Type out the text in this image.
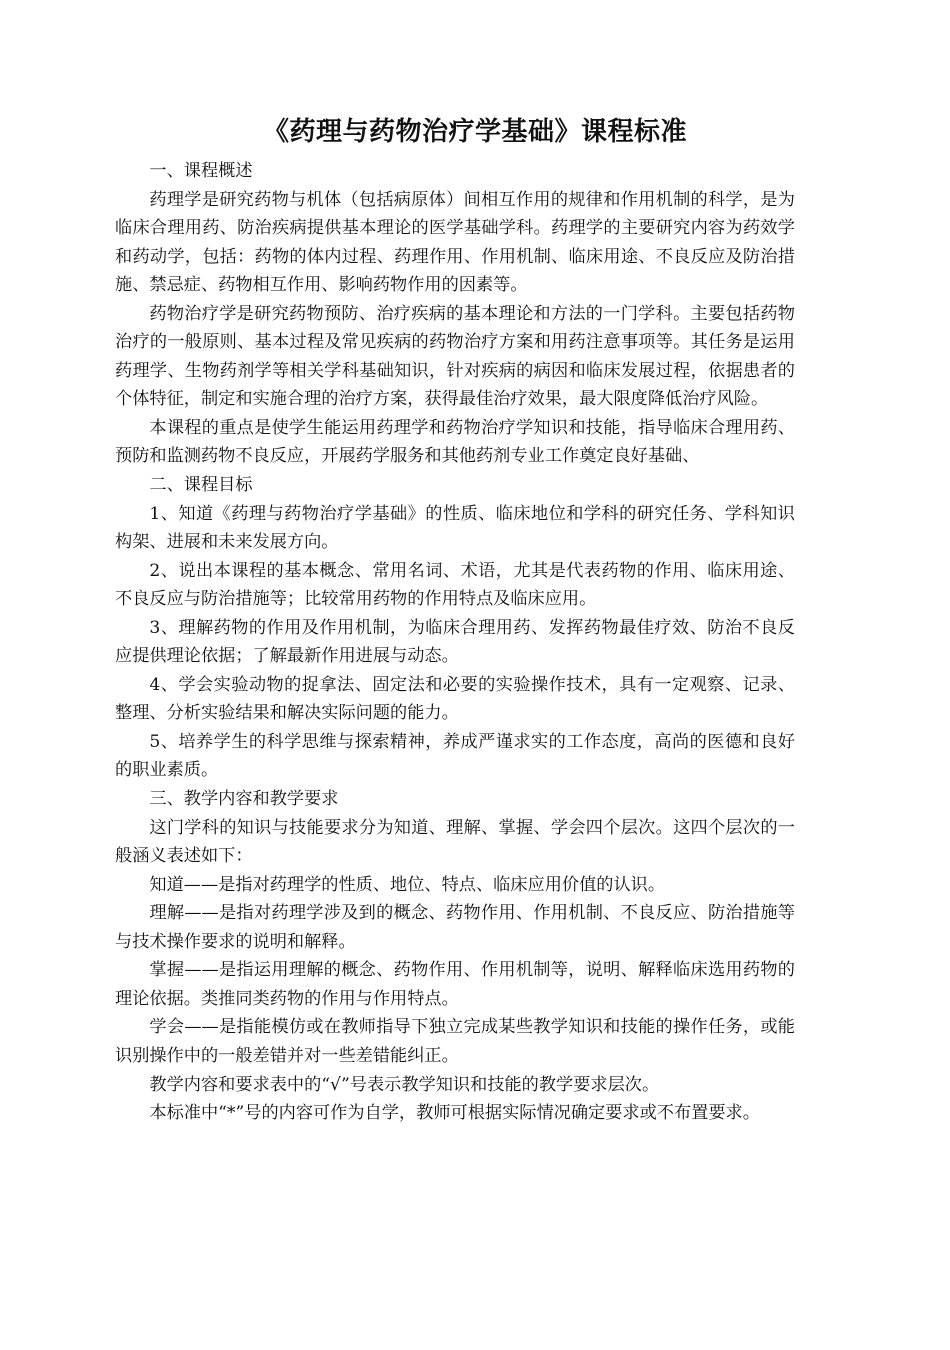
《药理与药物治疗学基础》课程标准

一、课程概述

药理学是研究药物与机体（包括病原体）间相互作用的规律和作用机制的科学，是为临床合理用药、防治疾病提供基本理论的医学基础学科。药理学的主要研究内容为药效学和药动学，包括：药物的体内过程、药理作用、作用机制、临床用途、不良反应及防治措施、禁忌症、药物相互作用、影响药物作用的因素等。

药物治疗学是研究药物预防、治疗疾病的基本理论和方法的一门学科。主要包括药物治疗的一般原则、基本过程及常见疾病的药物治疗方案和用药注意事项等。其任务是运用药理学、生物药剂学等相关学科基础知识，针对疾病的病因和临床发展过程，依据患者的个体特征，制定和实施合理的治疗方案，获得最佳治疗效果，最大限度降低治疗风险。

本课程的重点是使学生能运用药理学和药物治疗学知识和技能，指导临床合理用药、预防和监测药物不良反应，开展药学服务和其他药剂专业工作奠定良好基础、

二、课程目标

1、知道《药理与药物治疗学基础》的性质、临床地位和学科的研究任务、学科知识构架、进展和未来发展方向。

2、说出本课程的基本概念、常用名词、术语，尤其是代表药物的作用、临床用途、不良反应与防治措施等；比较常用药物的作用特点及临床应用。

3、理解药物的作用及作用机制，为临床合理用药、发挥药物最佳疗效、防治不良反应提供理论依据；了解最新作用进展与动态。

4、学会实验动物的捉拿法、固定法和必要的实验操作技术，具有一定观察、记录、整理、分析实验结果和解决实际问题的能力。

5、培养学生的科学思维与探索精神，养成严谨求实的工作态度，高尚的医德和良好的职业素质。

三、教学内容和教学要求

这门学科的知识与技能要求分为知道、理解、掌握、学会四个层次。这四个层次的一般涵义表述如下：

知道——是指对药理学的性质、地位、特点、临床应用价值的认识。

理解——是指对药理学涉及到的概念、药物作用、作用机制、不良反应、防治措施等与技术操作要求的说明和解释。

掌握——是指运用理解的概念、药物作用、作用机制等，说明、解释临床选用药物的理论依据。类推同类药物的作用与作用特点。

学会——是指能模仿或在教师指导下独立完成某些教学知识和技能的操作任务，或能识别操作中的一般差错并对一些差错能纠正。

教学内容和要求表中的“√”号表示教学知识和技能的教学要求层次。

本标准中“*”号的内容可作为自学，教师可根据实际情况确定要求或不布置要求。
